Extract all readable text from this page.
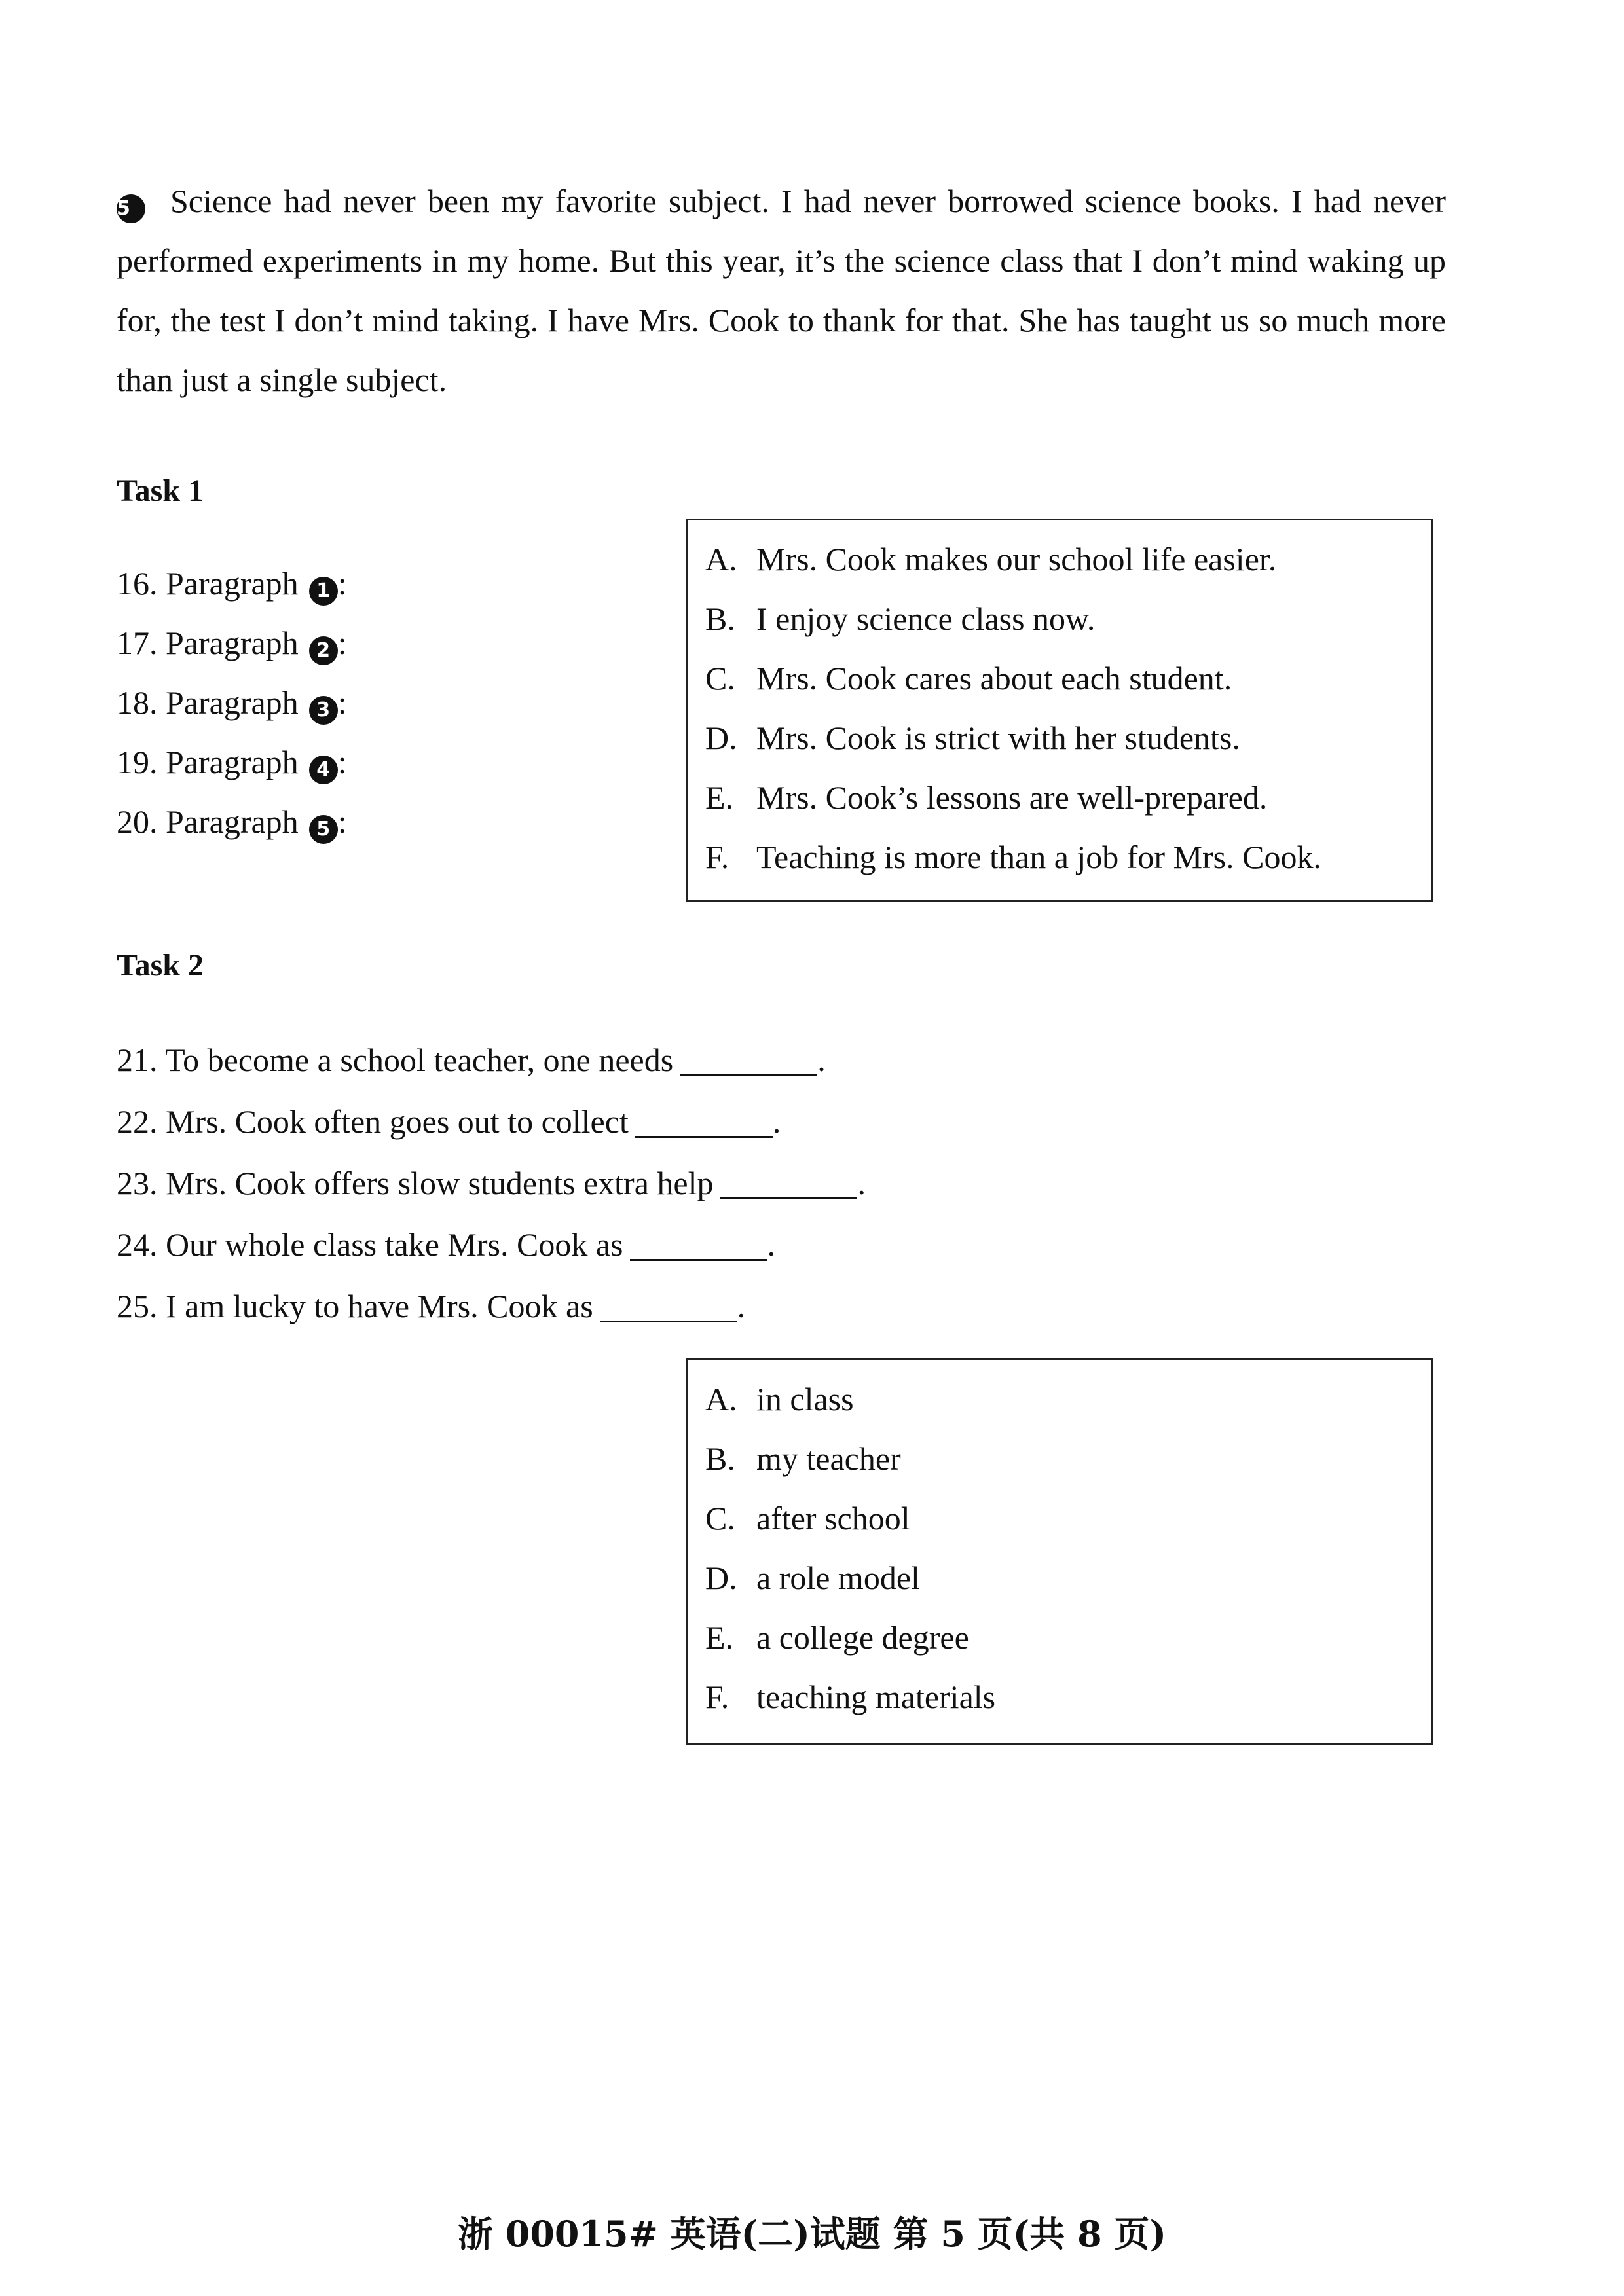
5 Science had never been my favorite subject. I had never borrowed science books. I had never performed experiments in my home. But this year, it’s the science class that I don’t mind waking up for, the test I don’t mind taking. I have Mrs. Cook to thank for that. She has taught us so much more than just a single subject.
Task 1
16. Paragraph 1 :
17. Paragraph 2 :
18. Paragraph 3 :
19. Paragraph 4 :
20. Paragraph 5 :
A. Mrs. Cook makes our school life easier.
B. I enjoy science class now.
C. Mrs. Cook cares about each student.
D. Mrs. Cook is strict with her students.
E. Mrs. Cook’s lessons are well-prepared.
F. Teaching is more than a job for Mrs. Cook.
Task 2
21. To become a school teacher, one needs	.
22. Mrs. Cook often goes out to collect	.
23. Mrs. Cook offers slow students extra help	.
24. Our whole class take Mrs. Cook as	.
25. I am lucky to have Mrs. Cook as	.
A. in class
B. my teacher
C. after school
D. a role model
E. a college degree
F. teaching materials
浙 00015# 英语(二)试题 第 5 页(共 8 页)
